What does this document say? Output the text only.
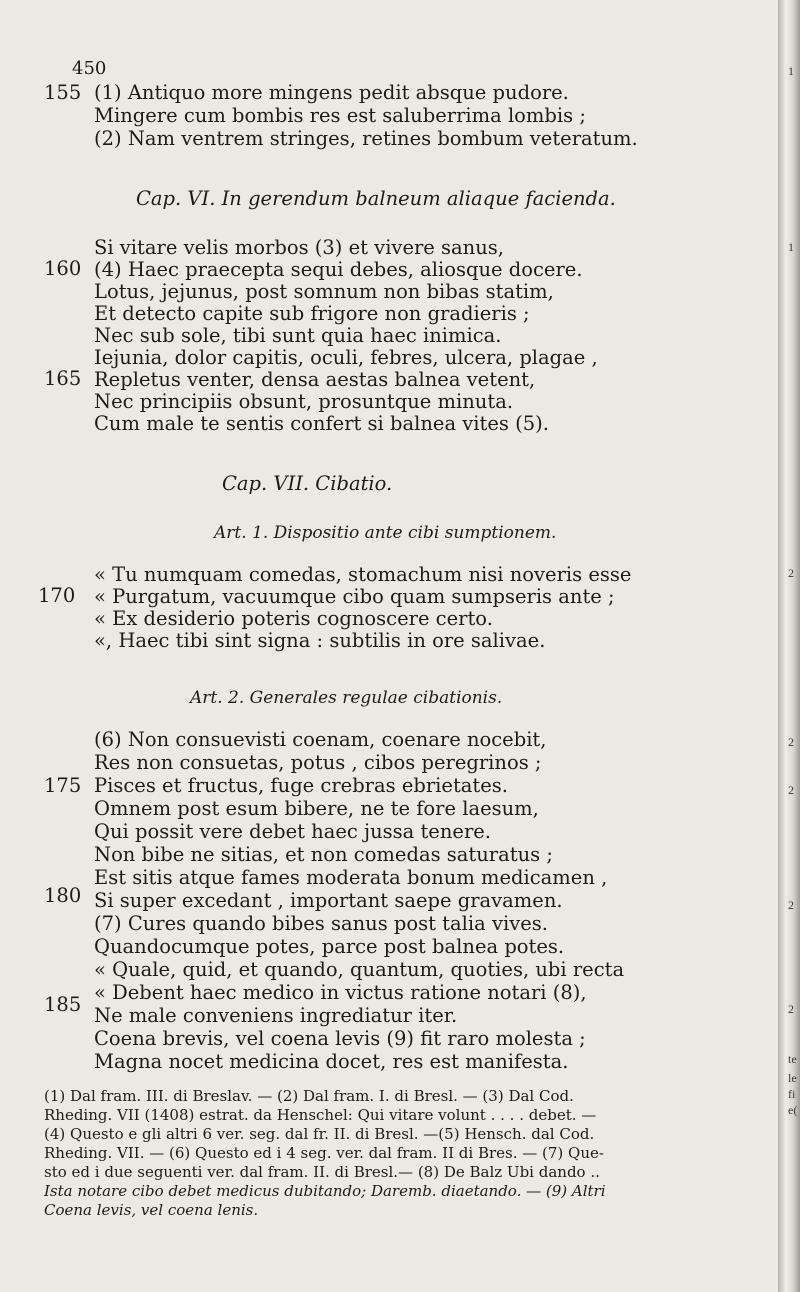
450
155
160
165
170
175
180
185
(1) Antiquo more mingens pedit absque pudore.
Mingere cum bombis res est saluberrima lombis ;
(2) Nam ventrem stringes, retines bombum veteratum.
Cap. VI. In gerendum balneum aliaque facienda.
Si vitare velis morbos (3) et vivere sanus,
(4) Haec praecepta sequi debes, aliosque docere.
Lotus, jejunus, post somnum non bibas statim,
Et detecto capite sub frigore non gradieris ;
Nec sub sole, tibi sunt quia haec inimica.
Iejunia, dolor capitis, oculi, febres, ulcera, plagae ,
Repletus venter, densa aestas balnea vetent,
Nec principiis obsunt, prosuntque minuta.
Cum male te sentis confert si balnea vites (5).
Cap. VII. Cibatio.
Art. 1. Dispositio ante cibi sumptionem.
« Tu numquam comedas, stomachum nisi noveris esse
« Purgatum, vacuumque cibo quam sumpseris ante ;
« Ex desiderio poteris cognoscere certo.
«, Haec tibi sint signa : subtilis in ore salivae.
Art. 2. Generales regulae cibationis.
(6) Non consuevisti coenam, coenare nocebit,
Res non consuetas, potus , cibos peregrinos ;
Pisces et fructus, fuge crebras ebrietates.
Omnem post esum bibere, ne te fore laesum,
Qui possit vere debet haec jussa tenere.
Non bibe ne sitias, et non comedas saturatus ;
Est sitis atque fames moderata bonum medicamen ,
Si super excedant , important saepe gravamen.
(7) Cures quando bibes sanus post talia vives.
Quandocumque potes, parce post balnea potes.
« Quale, quid, et quando, quantum, quoties, ubi recta
« Debent haec medico in victus ratione notari (8),
Ne male conveniens ingrediatur iter.
Coena brevis, vel coena levis (9) fit raro molesta ;
Magna nocet medicina docet, res est manifesta.
(1) Dal fram. III. di Breslav. — (2) Dal fram. I. di Bresl. — (3) Dal Cod.
Rheding. VII (1408) estrat. da Henschel: Qui vitare volunt . . . . debet. —
(4) Questo e gli altri 6 ver. seg. dal fr. II. di Bresl. —(5) Hensch. dal Cod.
Rheding. VII. — (6) Questo ed i 4 seg. ver. dal fram. II di Bres. — (7) Que-
sto ed i due seguenti ver. dal fram. II. di Bresl.— (8) De Balz Ubi dando ..
Ista notare cibo debet medicus dubitando; Daremb. diaetando. — (9) Altri
Coena levis, vel coena lenis.
1
1
2
2
2
2
2
te
le
fi
e(
